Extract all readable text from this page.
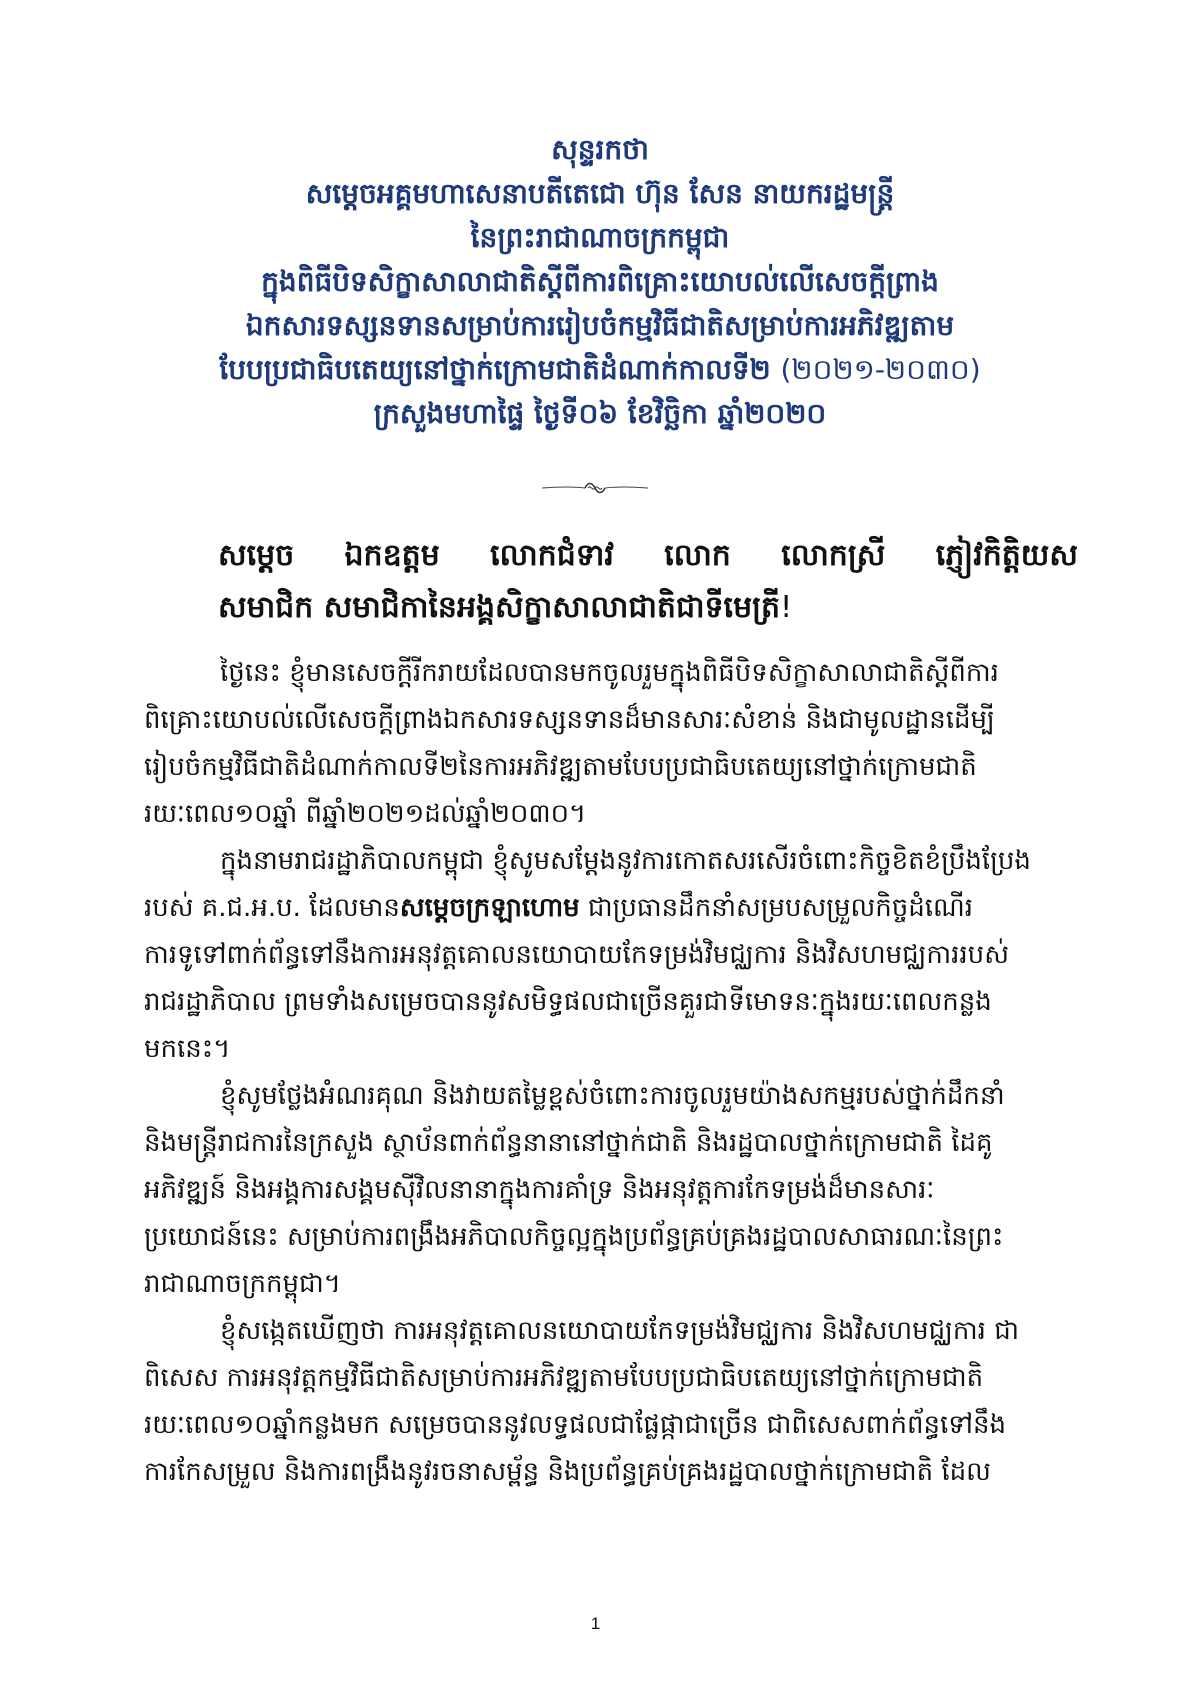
សុន្ទរកថា
សម្តេចអគ្គមហាសេនាបតីតេជោ ហ៊ុន សែន នាយករដ្ឋមន្ត្រី
នៃព្រះរាជាណាចក្រកម្ពុជា
ក្នុងពិធីបិទសិក្ខាសាលាជាតិស្តីពីការពិគ្រោះយោបល់លើសេចក្តីព្រាង
ឯកសារទស្សនទានសម្រាប់ការរៀបចំកម្មវិធីជាតិសម្រាប់ការអភិវឌ្ឍតាម
បែបប្រជាធិបតេយ្យនៅថ្នាក់ក្រោមជាតិដំណាក់កាលទី២ (២០២១-២០៣០)
ក្រសួងមហាផ្ទៃ ថ្ងៃទី០៦ ខែវិច្ឆិកា ឆ្នាំ២០២០
សម្តេច ឯកឧត្តម លោកជំទាវ លោក លោកស្រី ភ្ញៀវកិត្តិយស
សមាជិក សមាជិកានៃអង្គសិក្ខាសាលាជាតិជាទីមេត្រី!
ថ្ងៃនេះ ខ្ញុំមានសេចក្តីរីករាយដែលបានមកចូលរួមក្នុងពិធីបិទសិក្ខាសាលាជាតិស្តីពីការ
ពិគ្រោះយោបល់លើសេចក្តីព្រាងឯកសារទស្សនទានដ៏មានសារៈសំខាន់ និងជាមូលដ្ឋានដើម្បី
រៀបចំកម្មវិធីជាតិដំណាក់កាលទី២នៃការអភិវឌ្ឍតាមបែបប្រជាធិបតេយ្យនៅថ្នាក់ក្រោមជាតិ
រយៈពេល១០ឆ្នាំ ពីឆ្នាំ២០២១ដល់ឆ្នាំ២០៣០។
ក្នុងនាមរាជរដ្ឋាភិបាលកម្ពុជា ខ្ញុំសូមសម្តែងនូវការកោតសរសើរចំពោះកិច្ចខិតខំប្រឹងប្រែង
របស់ គ.ជ.អ.ប. ដែលមានសម្តេចក្រឡាហោម ជាប្រធានដឹកនាំសម្របសម្រួលកិច្ចដំណើរ
ការទូទៅពាក់ព័ន្ធទៅនឹងការអនុវត្តគោលនយោបាយកែទម្រង់វិមជ្ឈការ និងវិសហមជ្ឈការរបស់
រាជរដ្ឋាភិបាល ព្រមទាំងសម្រេចបាននូវសមិទ្ធផលជាច្រើនគួរជាទីមោទនៈក្នុងរយៈពេលកន្លង
មកនេះ។
ខ្ញុំសូមថ្លែងអំណរគុណ និងវាយតម្លៃខ្ពស់ចំពោះការចូលរួមយ៉ាងសកម្មរបស់ថ្នាក់ដឹកនាំ
និងមន្ត្រីរាជការនៃក្រសួង ស្ថាប័នពាក់ព័ន្ធនានានៅថ្នាក់ជាតិ និងរដ្ឋបាលថ្នាក់ក្រោមជាតិ ដៃគូ
អភិវឌ្ឍន៍ និងអង្គការសង្គមស៊ីវិលនានាក្នុងការគាំទ្រ និងអនុវត្តការកែទម្រង់ដ៏មានសារៈ
ប្រយោជន៍នេះ សម្រាប់ការពង្រឹងអភិបាលកិច្ចល្អក្នុងប្រព័ន្ធគ្រប់គ្រងរដ្ឋបាលសាធារណៈនៃព្រះ
រាជាណាចក្រកម្ពុជា។
ខ្ញុំសង្កេតឃើញថា ការអនុវត្តគោលនយោបាយកែទម្រង់វិមជ្ឈការ និងវិសហមជ្ឈការ ជា
ពិសេស ការអនុវត្តកម្មវិធីជាតិសម្រាប់ការអភិវឌ្ឍតាមបែបប្រជាធិបតេយ្យនៅថ្នាក់ក្រោមជាតិ
រយៈពេល១០ឆ្នាំកន្លងមក សម្រេចបាននូវលទ្ធផលជាផ្លែផ្កាជាច្រើន ជាពិសេសពាក់ព័ន្ធទៅនឹង
ការកែសម្រួល និងការពង្រឹងនូវរចនាសម្ព័ន្ធ និងប្រព័ន្ធគ្រប់គ្រងរដ្ឋបាលថ្នាក់ក្រោមជាតិ ដែល
1
